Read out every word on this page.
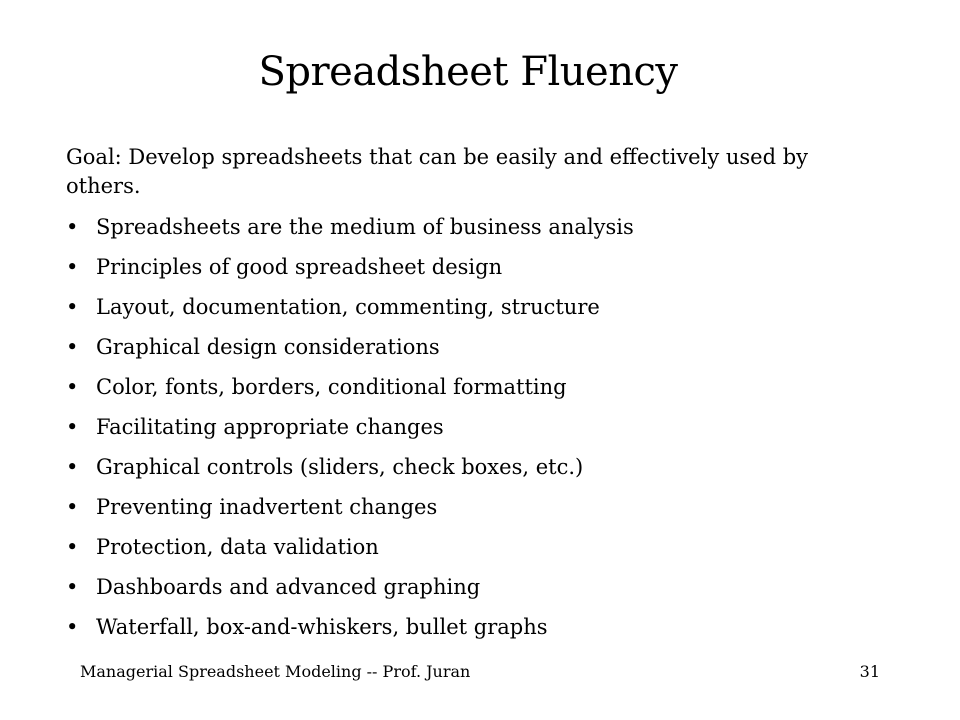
Spreadsheet Fluency
Goal: Develop spreadsheets that can be easily and effectively used by others.
• Spreadsheets are the medium of business analysis
• Principles of good spreadsheet design
• Layout, documentation, commenting, structure
• Graphical design considerations
• Color, fonts, borders, conditional formatting
• Facilitating appropriate changes
• Graphical controls (sliders, check boxes, etc.)
• Preventing inadvertent changes
• Protection, data validation
• Dashboards and advanced graphing
• Waterfall, box-and-whiskers, bullet graphs
Managerial Spreadsheet Modeling -- Prof. Juran	31
